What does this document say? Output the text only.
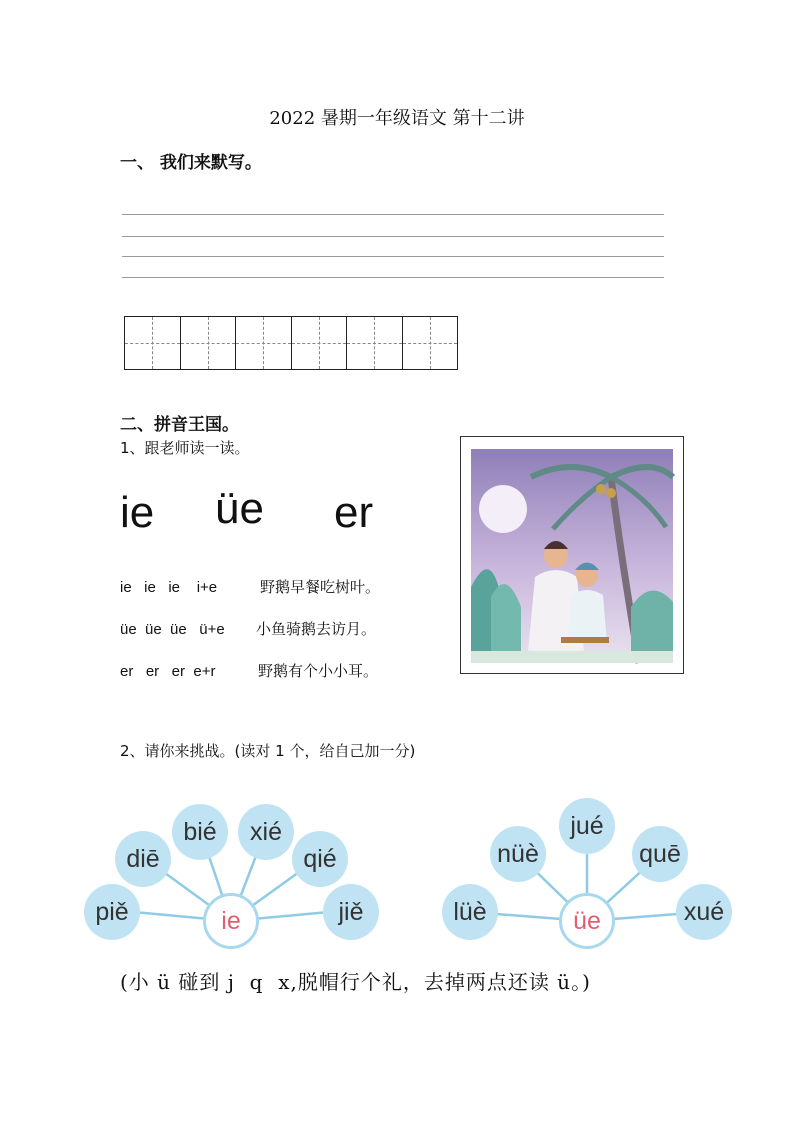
2022 暑期一年级语文 第十二讲
一、 我们来默写。
二、拼音王国。
1、跟老师读一读。
ie üe er
ie   ie   ie    i+e	野鹅早餐吃树叶。
üe  üe  üe   ü+e 小鱼骑鹅去访月。
er   er   er  e+r	野鹅有个小小耳。
2、请你来挑战。(读对 1 个，给自己加一分)
piě
diē
bié	xié
qié
jiě
ie	lüè
nüè
jué
quē
xué
üe
(小 ü 碰到 j  q  x,脱帽行个礼，去掉两点还读 ü。)
